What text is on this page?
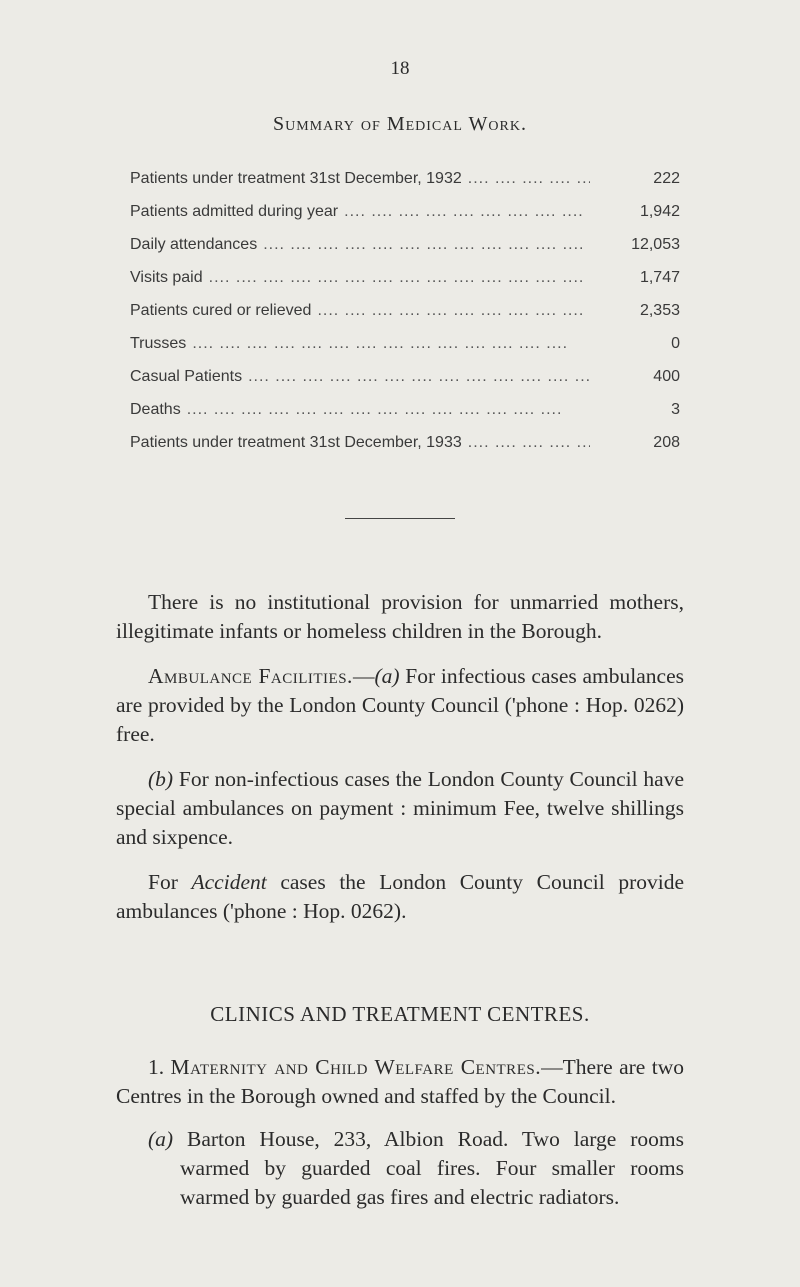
18
Summary of Medical Work.
Patients under treatment 31st December, 1932 ....	222
Patients admitted during year ....	1,942
Daily attendances ....	12,053
Visits paid ....	1,747
Patients cured or relieved ....	2,353
Trusses ....	0
Casual Patients ....	400
Deaths ....	3
Patients under treatment 31st December, 1933 ....	208

There is no institutional provision for unmarried mothers, illegitimate infants or homeless children in the Borough.

Ambulance Facilities.—(a) For infectious cases ambulances are provided by the London County Council ('phone : Hop. 0262) free.

(b) For non-infectious cases the London County Council have special ambulances on payment : minimum Fee, twelve shillings and sixpence.

For Accident cases the London County Council provide ambulances ('phone : Hop. 0262).

CLINICS AND TREATMENT CENTRES.

1. Maternity and Child Welfare Centres.—There are two Centres in the Borough owned and staffed by the Council.

(a) Barton House, 233, Albion Road. Two large rooms warmed by guarded coal fires. Four smaller rooms warmed by guarded gas fires and electric radiators.
